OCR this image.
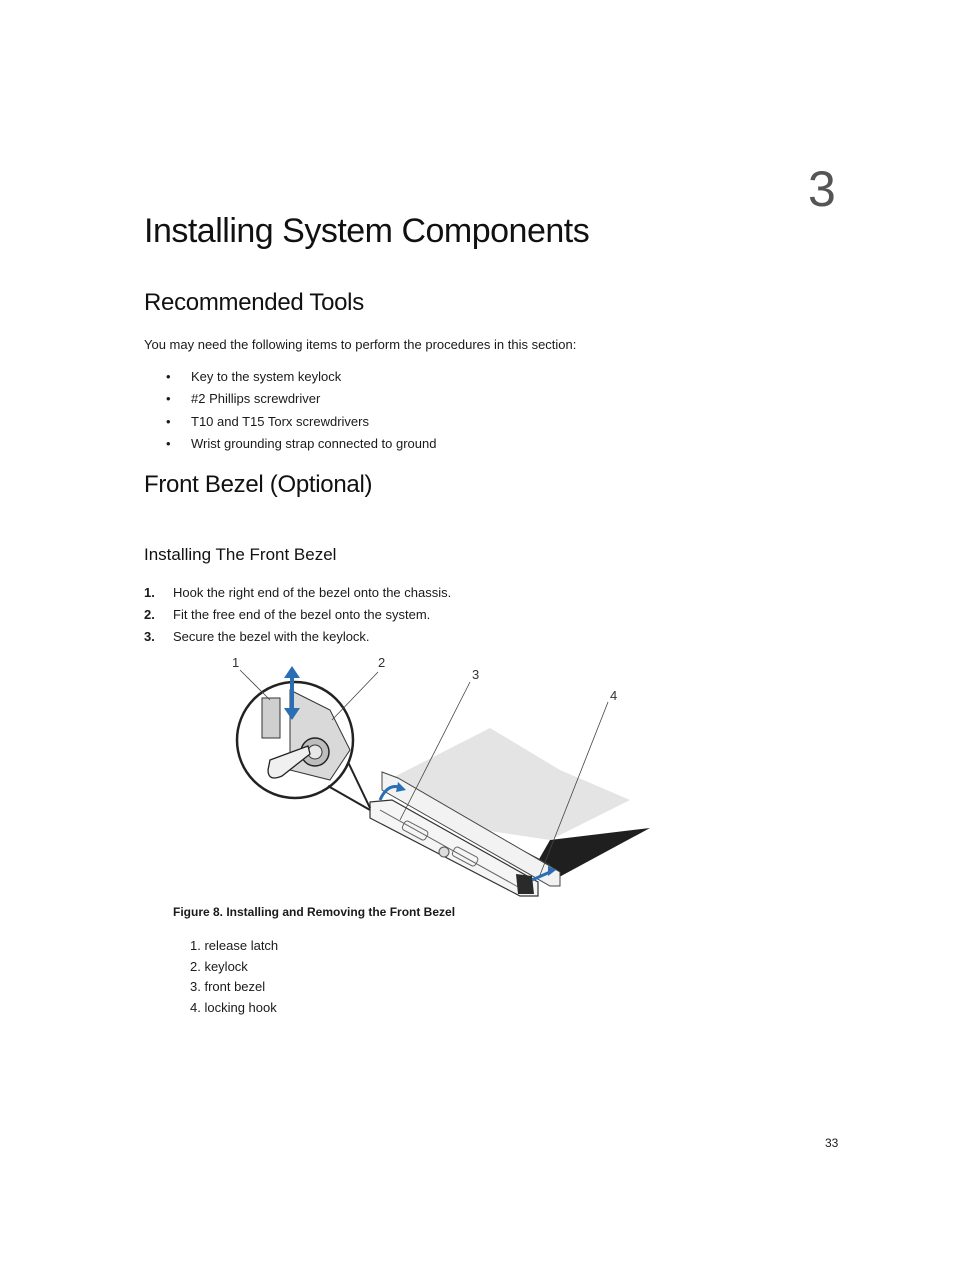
3
Installing System Components
Recommended Tools

You may need the following items to perform the procedures in this section:

• Key to the system keylock
• #2 Phillips screwdriver
• T10 and T15 Torx screwdrivers
• Wrist grounding strap connected to ground
Front Bezel (Optional)
Installing The Front Bezel
1. Hook the right end of the bezel onto the chassis.
2. Fit the free end of the bezel onto the system.
3. Secure the bezel with the keylock.
1	2
3
4

Figure 8. Installing and Removing the Front Bezel

1. release latch
2. keylock
3. front bezel
4. locking hook
33
